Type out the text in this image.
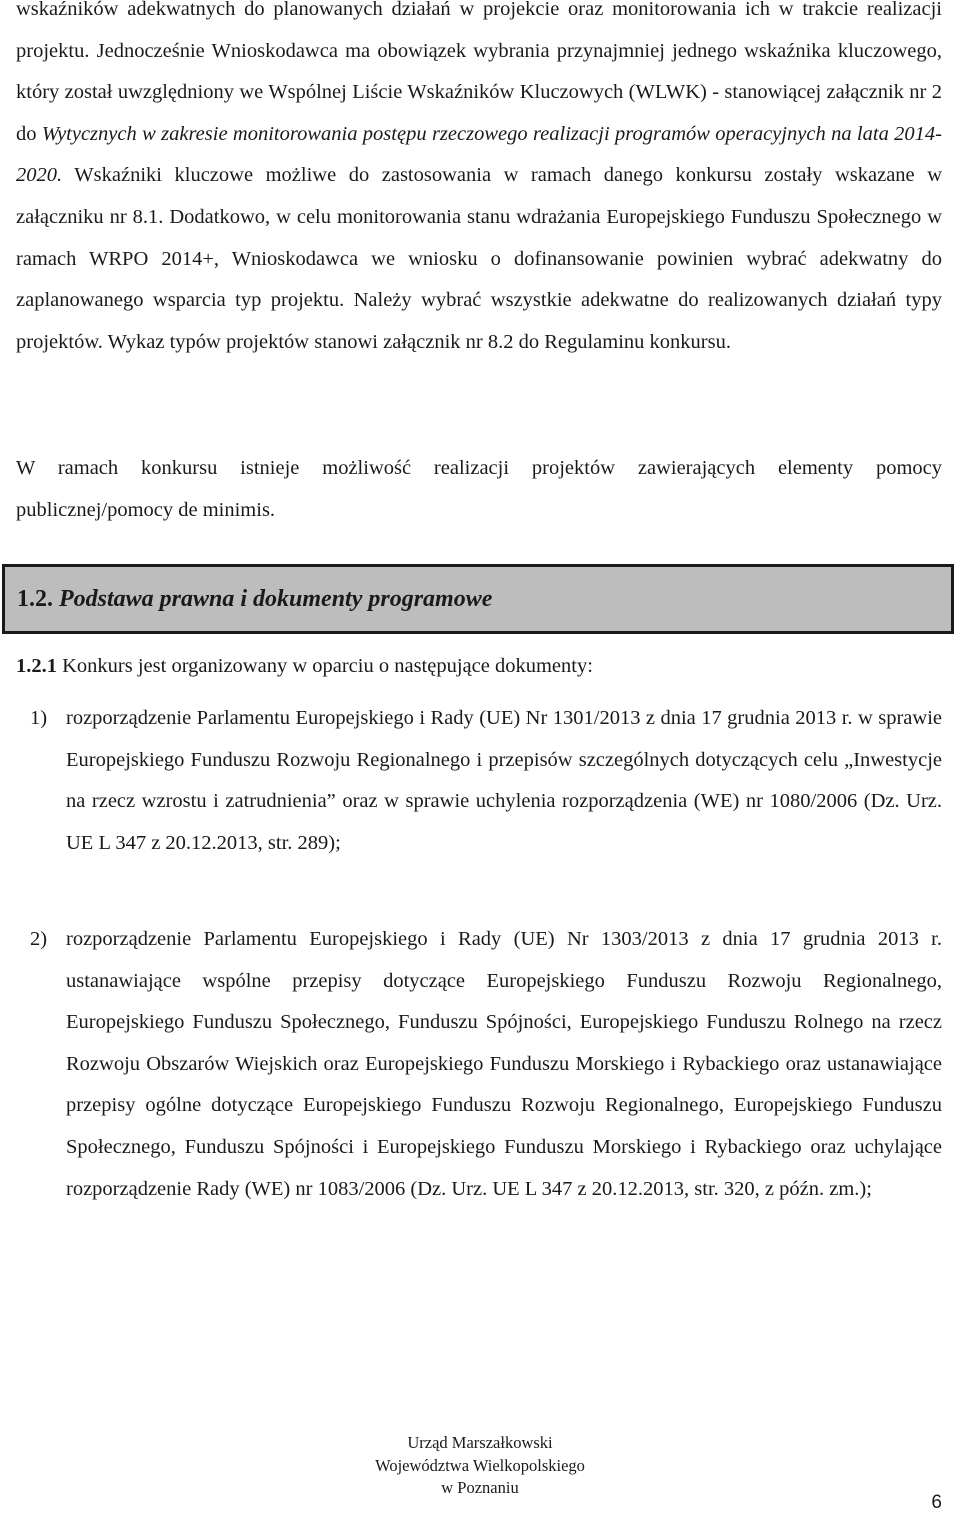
wskaźników adekwatnych do planowanych działań w projekcie oraz monitorowania ich w trakcie realizacji projektu. Jednocześnie Wnioskodawca ma obowiązek wybrania przynajmniej jednego wskaźnika kluczowego, który został uwzględniony we Wspólnej Liście Wskaźników Kluczowych (WLWK) - stanowiącej załącznik nr 2 do Wytycznych w zakresie monitorowania postępu rzeczowego realizacji programów operacyjnych na lata 2014-2020. Wskaźniki kluczowe możliwe do zastosowania w ramach danego konkursu zostały wskazane w załączniku nr 8.1. Dodatkowo, w celu monitorowania stanu wdrażania Europejskiego Funduszu Społecznego w ramach WRPO 2014+, Wnioskodawca we wniosku o dofinansowanie powinien wybrać adekwatny do zaplanowanego wsparcia typ projektu. Należy wybrać wszystkie adekwatne do realizowanych działań typy projektów. Wykaz typów projektów stanowi załącznik nr 8.2 do Regulaminu konkursu.

W ramach konkursu istnieje możliwość realizacji projektów zawierających elementy pomocy publicznej/pomocy de minimis.

1.2. Podstawa prawna i dokumenty programowe
1.2.1 Konkurs jest organizowany w oparciu o następujące dokumenty:
1) rozporządzenie Parlamentu Europejskiego i Rady (UE) Nr 1301/2013 z dnia 17 grudnia 2013 r. w sprawie Europejskiego Funduszu Rozwoju Regionalnego i przepisów szczególnych dotyczących celu „Inwestycje na rzecz wzrostu i zatrudnienia” oraz w sprawie uchylenia rozporządzenia (WE) nr 1080/2006 (Dz. Urz. UE L 347 z 20.12.2013, str. 289);
2) rozporządzenie Parlamentu Europejskiego i Rady (UE) Nr 1303/2013 z dnia 17 grudnia 2013 r. ustanawiające wspólne przepisy dotyczące Europejskiego Funduszu Rozwoju Regionalnego, Europejskiego Funduszu Społecznego, Funduszu Spójności, Europejskiego Funduszu Rolnego na rzecz Rozwoju Obszarów Wiejskich oraz Europejskiego Funduszu Morskiego i Rybackiego oraz ustanawiające przepisy ogólne dotyczące Europejskiego Funduszu Rozwoju Regionalnego, Europejskiego Funduszu Społecznego, Funduszu Spójności i Europejskiego Funduszu Morskiego i Rybackiego oraz uchylające rozporządzenie Rady (WE) nr 1083/2006 (Dz. Urz. UE L 347 z 20.12.2013, str. 320, z późn. zm.);
Urząd Marszałkowski
Województwa Wielkopolskiego
w Poznaniu
6
